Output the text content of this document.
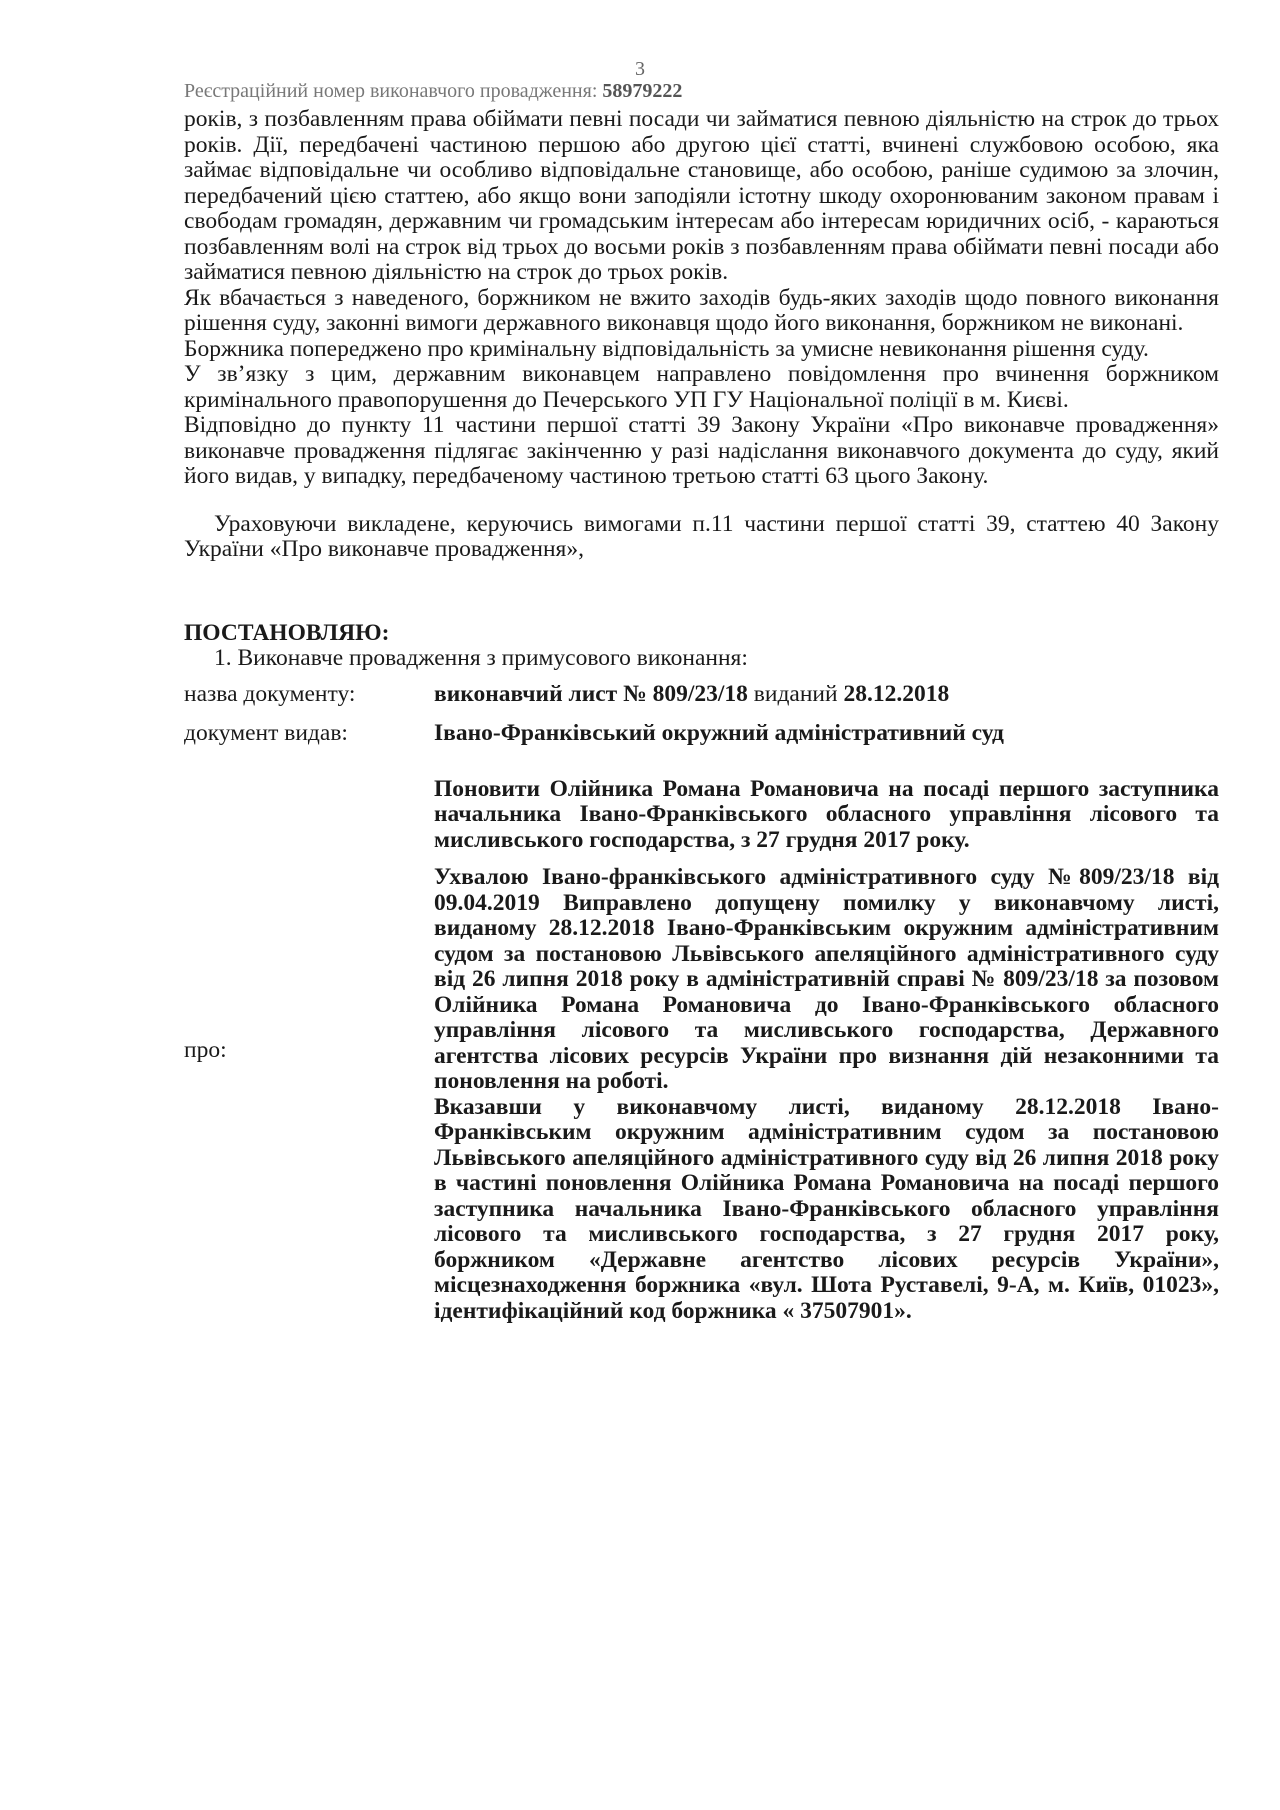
3
Реєстраційний номер виконавчого провадження: 58979222

років, з позбавленням права обіймати певні посади чи займатися певною діяльністю на строк до трьох років. Дії, передбачені частиною першою або другою цієї статті, вчинені службовою особою, яка займає відповідальне чи особливо відповідальне становище, або особою, раніше судимою за злочин, передбачений цією статтею, або якщо вони заподіяли істотну шкоду охоронюваним законом правам і свободам громадян, державним чи громадським інтересам або інтересам юридичних осіб, - караються позбавленням волі на строк від трьох до восьми років з позбавленням права обіймати певні посади або займатися певною діяльністю на строк до трьох років.

Як вбачається з наведеного, боржником не вжито заходів будь-яких заходів щодо повного виконання рішення суду, законні вимоги державного виконавця щодо його виконання, боржником не виконані.

Боржника попереджено про кримінальну відповідальність за умисне невиконання рішення суду.

У зв’язку з цим, державним виконавцем направлено повідомлення про вчинення боржником кримінального правопорушення до Печерського УП ГУ Національної поліції в м. Києві.

Відповідно до пункту 11 частини першої статті 39 Закону України «Про виконавче провадження» виконавче провадження підлягає закінченню у разі надіслання виконавчого документа до суду, який його видав, у випадку, передбаченому частиною третьою статті 63 цього Закону.

Ураховуючи викладене, керуючись вимогами п.11 частини першої статті 39, статтею 40 Закону України «Про виконавче провадження»,

ПОСТАНОВЛЯЮ:

1. Виконавче провадження з примусового виконання:

назва документу:	виконавчий лист № 809/23/18 виданий 28.12.2018
документ видав:	Івано-Франківський окружний адміністративний суд
про:

Поновити Олійника Романа Романовича на посаді першого заступника начальника Івано-Франківського обласного управління лісового та мисливського господарства, з 27 грудня 2017 року.

Ухвалою Івано-франківського адміністративного суду №809/23/18 від 09.04.2019 Виправлено допущену помилку у виконавчому листі, виданому 28.12.2018 Івано-Франківським окружним адміністративним судом за постановою Львівського апеляційного адміністративного суду від 26 липня 2018 року в адміністративній справі № 809/23/18 за позовом Олійника Романа Романовича до Івано-Франківського обласного управління лісового та мисливського господарства, Державного агентства лісових ресурсів України про визнання дій незаконними та поновлення на роботі.

Вказавши у виконавчому листі, виданому 28.12.2018 Івано-Франківським окружним адміністративним судом за постановою Львівського апеляційного адміністративного суду від 26 липня 2018 року в частині поновлення Олійника Романа Романовича на посаді першого заступника начальника Івано-Франківського обласного управління лісового та мисливського господарства, з 27 грудня 2017 року, боржником «Державне агентство лісових ресурсів України», місцезнаходження боржника «вул. Шота Руставелі, 9-А, м. Київ, 01023», ідентифікаційний код боржника « 37507901».
